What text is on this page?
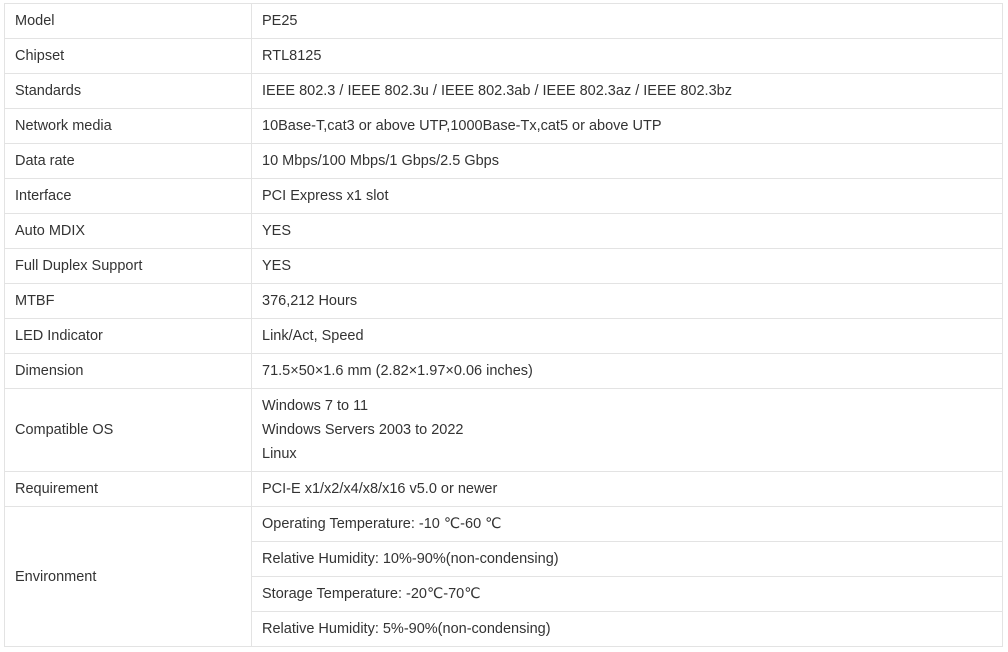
Model	PE25
Chipset	RTL8125
Standards	IEEE 802.3 / IEEE 802.3u / IEEE 802.3ab / IEEE 802.3az / IEEE 802.3bz
Network media	10Base-T,cat3 or above UTP,1000Base-Tx,cat5 or above UTP
Data rate	10 Mbps/100 Mbps/1 Gbps/2.5 Gbps
Interface	PCI Express x1 slot
Auto MDIX	YES
Full Duplex Support	YES
MTBF	376,212 Hours
LED Indicator	Link/Act, Speed
Dimension	71.5×50×1.6 mm (2.82×1.97×0.06 inches)
Compatible OS	Windows 7 to 11
Windows Servers 2003 to 2022
Linux

Requirement	PCI-E x1/x2/x4/x8/x16 v5.0 or newer
Environment	Operating Temperature: -10 ℃-60 ℃
	Relative Humidity: 10%-90%(non-condensing)
	Storage Temperature: -20℃-70℃
	Relative Humidity: 5%-90%(non-condensing)
